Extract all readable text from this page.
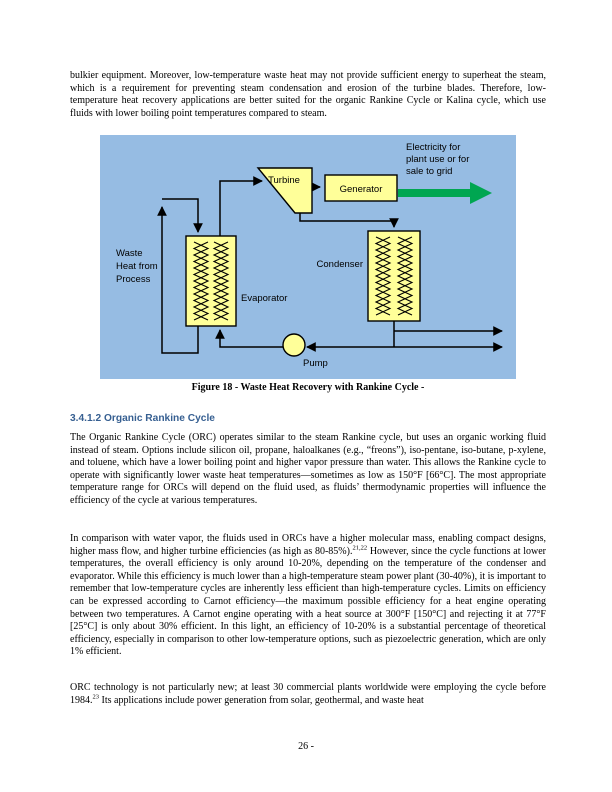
bulkier equipment. Moreover, low-temperature waste heat may not provide sufficient energy to superheat the steam, which is a requirement for preventing steam condensation and erosion of the turbine blades. Therefore, low-temperature heat recovery applications are better suited for the organic Rankine Cycle or Kalina cycle, which use fluids with lower boiling point temperatures compared to steam.

Electricity for
plant use or for
sale to grid
Turbine
Generator
Waste
Heat from
Process
Condenser
Evaporator
Pump

Figure 18 - Waste Heat Recovery with Rankine Cycle -

3.4.1.2 Organic Rankine Cycle

The Organic Rankine Cycle (ORC) operates similar to the steam Rankine cycle, but uses an organic working fluid instead of steam. Options include silicon oil, propane, haloalkanes (e.g., “freons”), iso-pentane, iso-butane, p-xylene, and toluene, which have a lower boiling point and higher vapor pressure than water. This allows the Rankine cycle to operate with significantly lower waste heat temperatures—sometimes as low as 150°F [66°C]. The most appropriate temperature range for ORCs will depend on the fluid used, as fluids’ thermodynamic properties will influence the efficiency of the cycle at various temperatures.

In comparison with water vapor, the fluids used in ORCs have a higher molecular mass, enabling compact designs, higher mass flow, and higher turbine efficiencies (as high as 80-85%).$^{21,22}$ However, since the cycle functions at lower temperatures, the overall efficiency is only around 10-20%, depending on the temperature of the condenser and evaporator. While this efficiency is much lower than a high-temperature steam power plant (30-40%), it is important to remember that low-temperature cycles are inherently less efficient than high-temperature cycles. Limits on efficiency can be expressed according to Carnot efficiency—the maximum possible efficiency for a heat engine operating between two temperatures. A Carnot engine operating with a heat source at 300°F [150°C] and rejecting it at 77°F [25°C] is only about 30% efficient. In this light, an efficiency of 10-20% is a substantial percentage of theoretical efficiency, especially in comparison to other low-temperature options, such as piezoelectric generation, which are only 1% efficient.

ORC technology is not particularly new; at least 30 commercial plants worldwide were employing the cycle before 1984.23 Its applications include power generation from solar, geothermal, and waste heat

26 -
